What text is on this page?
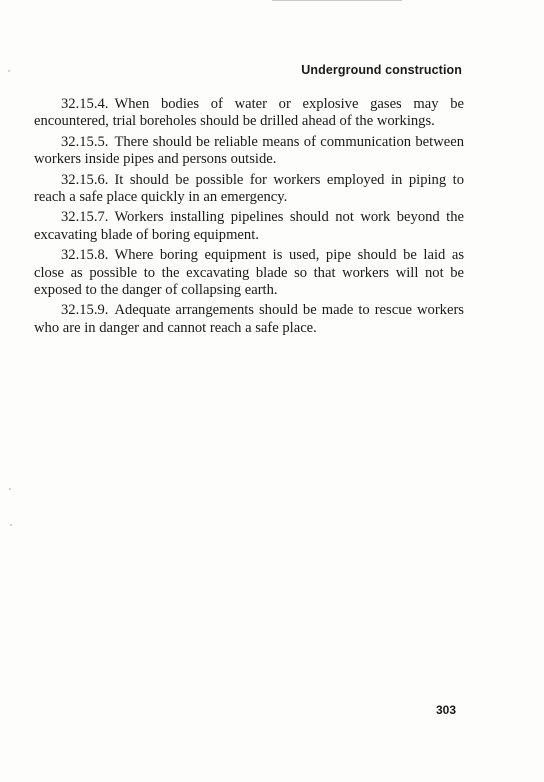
Underground construction

32.15.4. When bodies of water or explosive gases may be encountered, trial boreholes should be drilled ahead of the workings.

32.15.5. There should be reliable means of communication between workers inside pipes and persons outside.

32.15.6. It should be possible for workers employed in piping to reach a safe place quickly in an emergency.

32.15.7. Workers installing pipelines should not work beyond the excavating blade of boring equipment.

32.15.8. Where boring equipment is used, pipe should be laid as close as possible to the excavating blade so that workers will not be exposed to the danger of collapsing earth.

32.15.9. Adequate arrangements should be made to rescue workers who are in danger and cannot reach a safe place.

303
